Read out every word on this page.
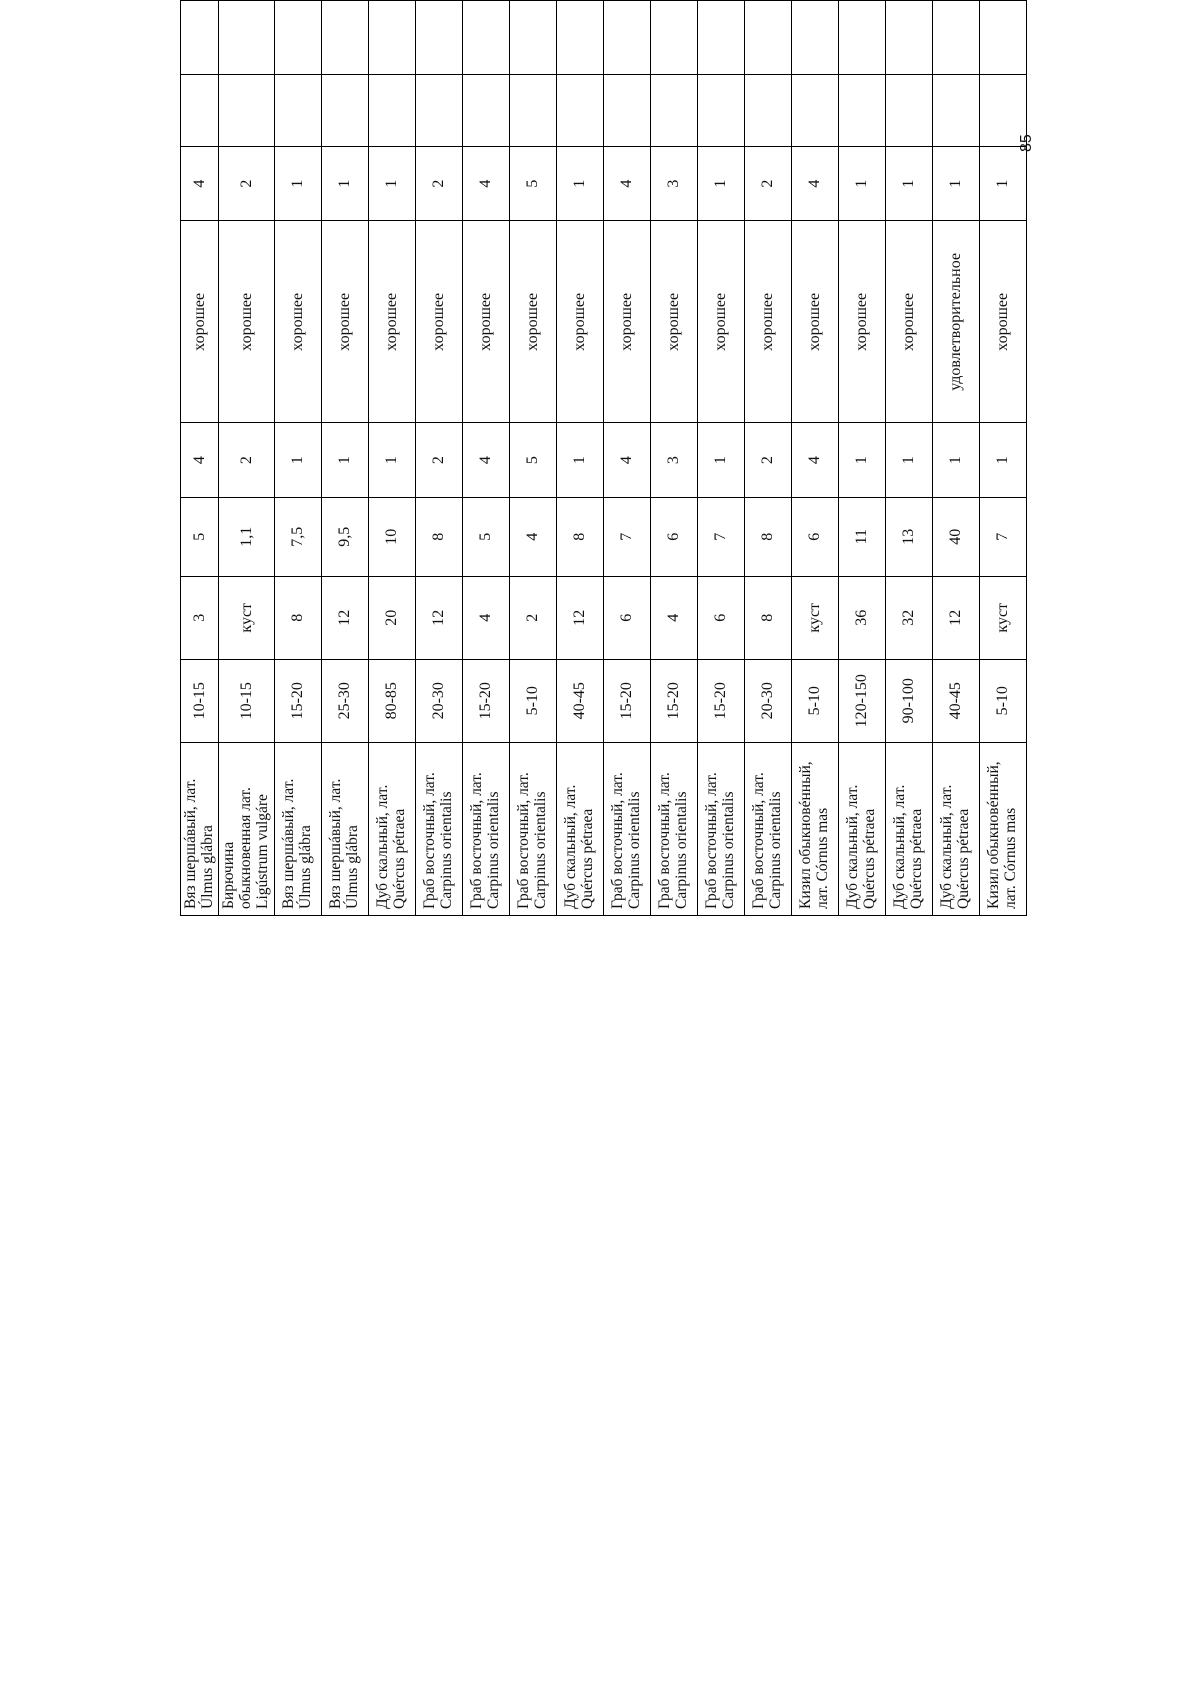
Вяз шершáвый, лат. Úlmus glábra	10-15	3	5	4	хорошее	4		
Бирючина обыкновенная лат. Ligústrum vulgáre	10-15	куст	1,1	2	хорошее	2		
Вяз шершáвый, лат. Úlmus glábra	15-20	8	7,5	1	хорошее	1		
Вяз шершáвый, лат. Úlmus glábra	25-30	12	9,5	1	хорошее	1		
Дуб скальный, лат. Quércus pétraea	80-85	20	10	1	хорошее	1		
Граб восточный, лат. Carpinus orientalis	20-30	12	8	2	хорошее	2		
Граб восточный, лат. Carpinus orientalis	15-20	4	5	4	хорошее	4		
Граб восточный, лат. Carpinus orientalis	5-10	2	4	5	хорошее	5		
Дуб скальный, лат. Quércus pétraea	40-45	12	8	1	хорошее	1		
Граб восточный, лат. Carpinus orientalis	15-20	6	7	4	хорошее	4		
Граб восточный, лат. Carpinus orientalis	15-20	4	6	3	хорошее	3		
Граб восточный, лат. Carpinus orientalis	15-20	6	7	1	хорошее	1		
Граб восточный, лат. Carpinus orientalis	20-30	8	8	2	хорошее	2		
Кизил обыкновéнный, лат. Córnus mas	5-10	куст	6	4	хорошее	4		
Дуб скальный, лат. Quércus pétraea	120-150	36	11	1	хорошее	1		
Дуб скальный, лат. Quércus pétraea	90-100	32	13	1	хорошее	1		
Дуб скальный, лат. Quércus pétraea	40-45	12	40	1	удовлетворительное	1		
Кизил обыкновéнный, лат. Córnus mas	5-10	куст	7	1	хорошее	1		
85
